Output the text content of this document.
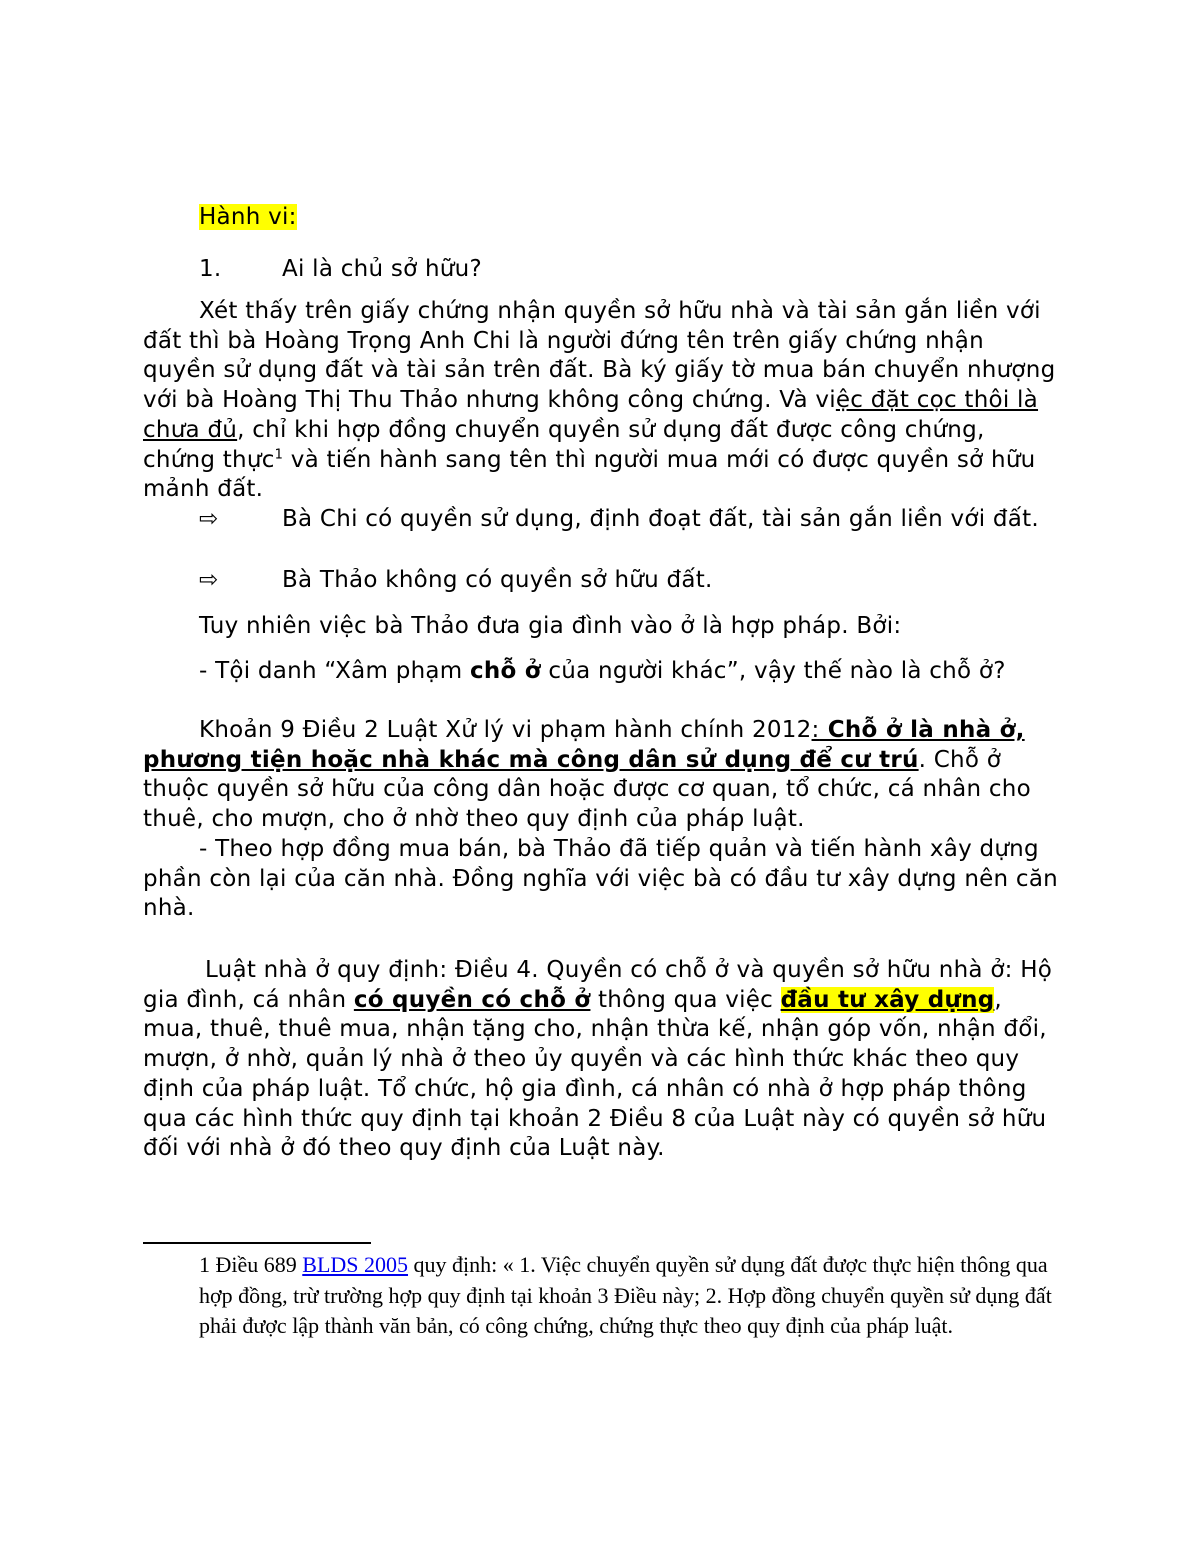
Hành vi:

1.	Ai là chủ sở hữu?

Xét thấy trên giấy chứng nhận quyền sở hữu nhà và tài sản gắn liền với đất thì bà Hoàng Trọng Anh Chi là người đứng tên trên giấy chứng nhận quyền sử dụng đất và tài sản trên đất. Bà ký giấy tờ mua bán chuyển nhượng với bà Hoàng Thị Thu Thảo nhưng không công chứng. Và việc đặt cọc thôi là chưa đủ, chỉ khi hợp đồng chuyển quyền sử dụng đất được công chứng, chứng thực$^1$ và tiến hành sang tên thì người mua mới có được quyền sở hữu mảnh đất.

⇨	Bà Chi có quyền sử dụng, định đoạt đất, tài sản gắn liền với đất.

⇨	Bà Thảo không có quyền sở hữu đất.

Tuy nhiên việc bà Thảo đưa gia đình vào ở là hợp pháp. Bởi:

- Tội danh “Xâm phạm chỗ ở của người khác”, vậy thế nào là chỗ ở?

Khoản 9 Điều 2 Luật Xử lý vi phạm hành chính 2012: Chỗ ở là nhà ở, phương tiện hoặc nhà khác mà công dân sử dụng để cư trú. Chỗ ở thuộc quyền sở hữu của công dân hoặc được cơ quan, tổ chức, cá nhân cho thuê, cho mượn, cho ở nhờ theo quy định của pháp luật.

- Theo hợp đồng mua bán, bà Thảo đã tiếp quản và tiến hành xây dựng phần còn lại của căn nhà. Đồng nghĩa với việc bà có đầu tư xây dựng nên căn nhà.

Luật nhà ở quy định: Điều 4. Quyền có chỗ ở và quyền sở hữu nhà ở: Hộ gia đình, cá nhân có quyền có chỗ ở thông qua việc đầu tư xây dựng, mua, thuê, thuê mua, nhận tặng cho, nhận thừa kế, nhận góp vốn, nhận đổi, mượn, ở nhờ, quản lý nhà ở theo ủy quyền và các hình thức khác theo quy định của pháp luật. Tổ chức, hộ gia đình, cá nhân có nhà ở hợp pháp thông qua các hình thức quy định tại khoản 2 Điều 8 của Luật này có quyền sở hữu đối với nhà ở đó theo quy định của Luật này.

1 Điều 689 BLDS 2005 quy định: « 1. Việc chuyển quyền sử dụng đất được thực hiện thông qua hợp đồng, trừ trường hợp quy định tại khoản 3 Điều này; 2. Hợp đồng chuyển quyền sử dụng đất phải được lập thành văn bản, có công chứng, chứng thực theo quy định của pháp luật.
